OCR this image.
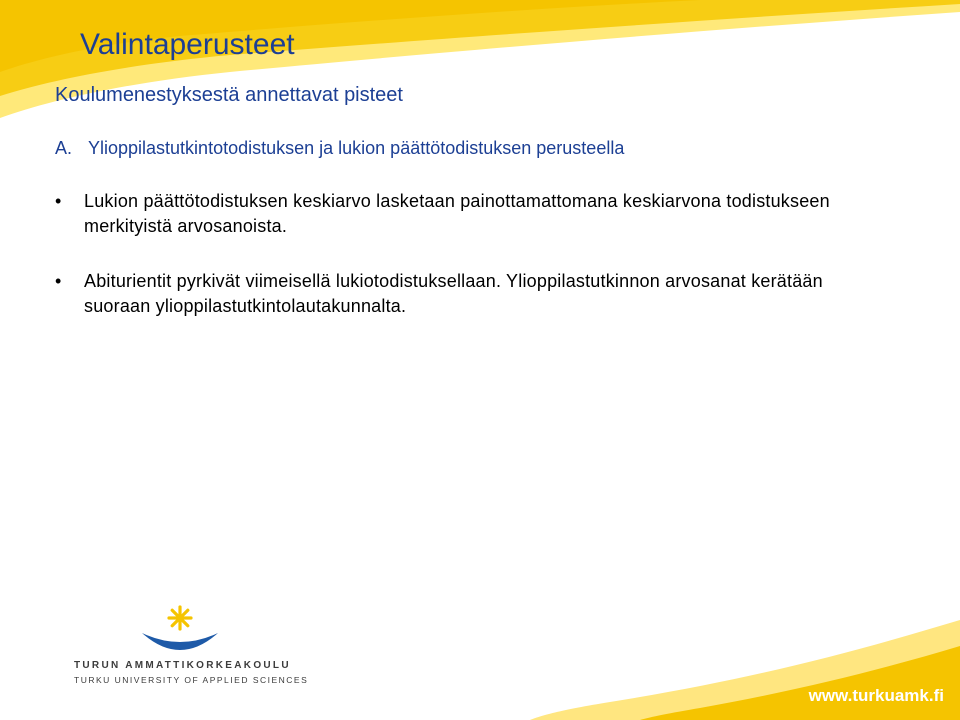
Valintaperusteet
Koulumenestyksestä annettavat pisteet
A. Ylioppilastutkintotodistuksen ja lukion päättötodistuksen perusteella
• Lukion päättötodistuksen keskiarvo lasketaan painottamattomana keskiarvona todistukseen merkityistä arvosanoista.
• Abiturientit pyrkivät viimeisellä lukiotodistuksellaan. Ylioppilastutkinnon arvosanat kerätään suoraan ylioppilastutkintolautakunnalta.
TURUN AMMATTIKORKEAKOULU
TURKU UNIVERSITY OF APPLIED SCIENCES
www.turkuamk.fi
